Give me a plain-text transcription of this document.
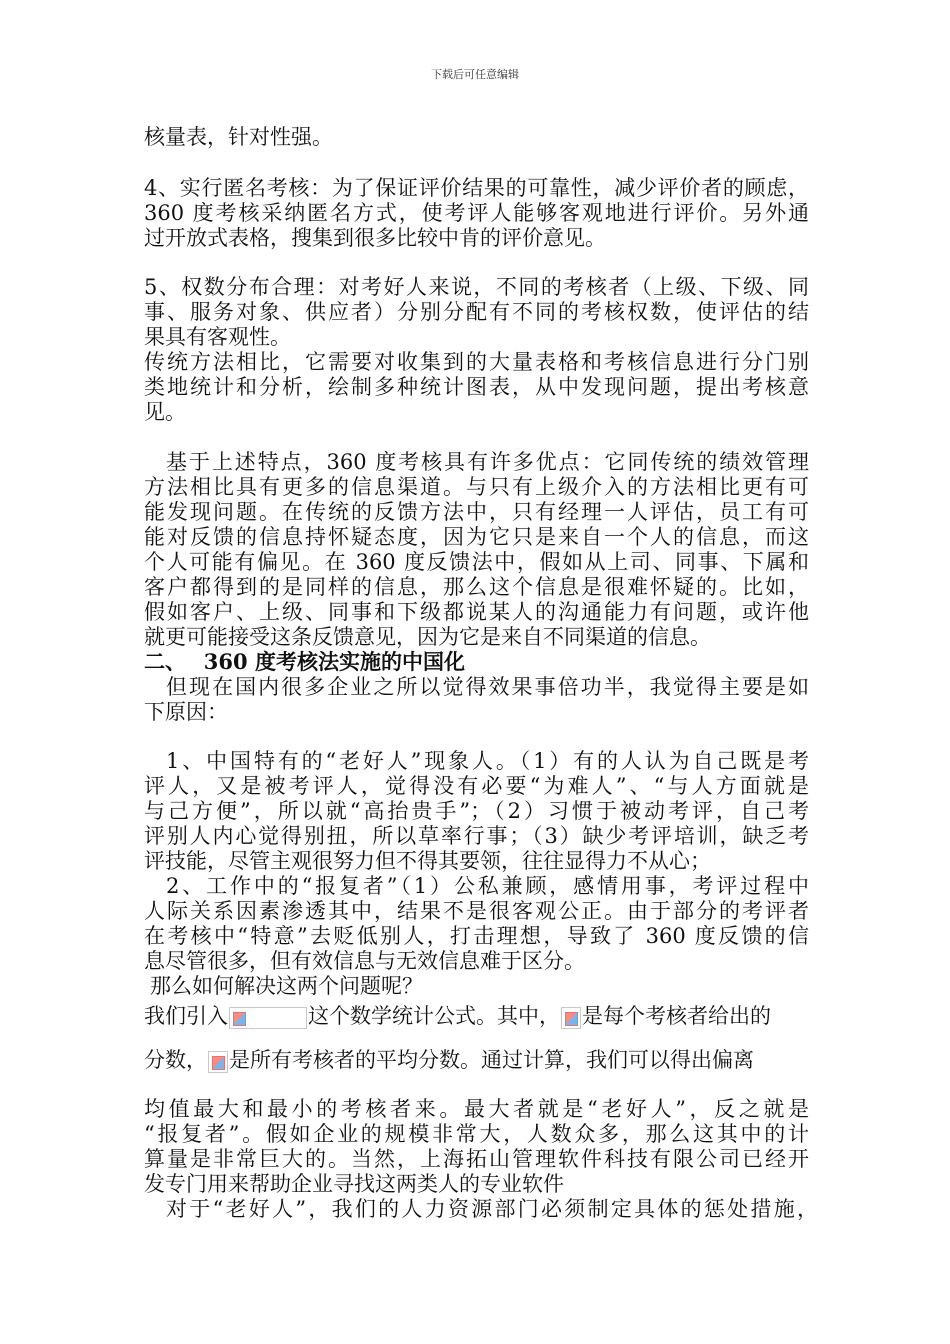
下载后可任意编辑
核量表，针对性强。
4、实行匿名考核：为了保证评价结果的可靠性，减少评价者的顾虑，
360 度考核采纳匿名方式，使考评人能够客观地进行评价。另外通
过开放式表格，搜集到很多比较中肯的评价意见。
5、权数分布合理：对考好人来说，不同的考核者（上级、下级、同
事、服务对象、供应者）分别分配有不同的考核权数，使评估的结
果具有客观性。
传统方法相比，它需要对收集到的大量表格和考核信息进行分门别
类地统计和分析，绘制多种统计图表，从中发现问题，提出考核意
见。
基于上述特点，360 度考核具有许多优点：它同传统的绩效管理
方法相比具有更多的信息渠道。与只有上级介入的方法相比更有可
能发现问题。在传统的反馈方法中，只有经理一人评估，员工有可
能对反馈的信息持怀疑态度，因为它只是来自一个人的信息，而这
个人可能有偏见。在 360 度反馈法中，假如从上司、同事、下属和
客户都得到的是同样的信息，那么这个信息是很难怀疑的。比如，
假如客户、上级、同事和下级都说某人的沟通能力有问题，或许他
就更可能接受这条反馈意见，因为它是来自不同渠道的信息。
二、　 360 度考核法实施的中国化
但现在国内很多企业之所以觉得效果事倍功半，我觉得主要是如
下原因：
1、中国特有的“老好人”现象人。（1）有的人认为自己既是考
评人，又是被考评人，觉得没有必要“为难人”、“与人方面就是
与己方便”，所以就“高抬贵手”；（2）习惯于被动考评，自己考
评别人内心觉得别扭，所以草率行事；（3）缺少考评培训，缺乏考
评技能，尽管主观很努力但不得其要领，往往显得力不从心；
2、工作中的“报复者”（1）公私兼顾，感情用事，考评过程中
人际关系因素渗透其中，结果不是很客观公正。由于部分的考评者
在考核中“特意”去贬低别人，打击理想，导致了 360 度反馈的信
息尽管很多，但有效信息与无效信息难于区分。
那么如何解决这两个问题呢？
我们引入	这个数学统计公式。其中， 是每个考核者给出的
分数， 是所有考核者的平均分数。通过计算，我们可以得出偏离
均值最大和最小的考核者来。最大者就是“老好人”，反之就是
“报复者”。假如企业的规模非常大，人数众多，那么这其中的计
算量是非常巨大的。当然，上海拓山管理软件科技有限公司已经开
发专门用来帮助企业寻找这两类人的专业软件
对于“老好人”，我们的人力资源部门必须制定具体的惩处措施，
